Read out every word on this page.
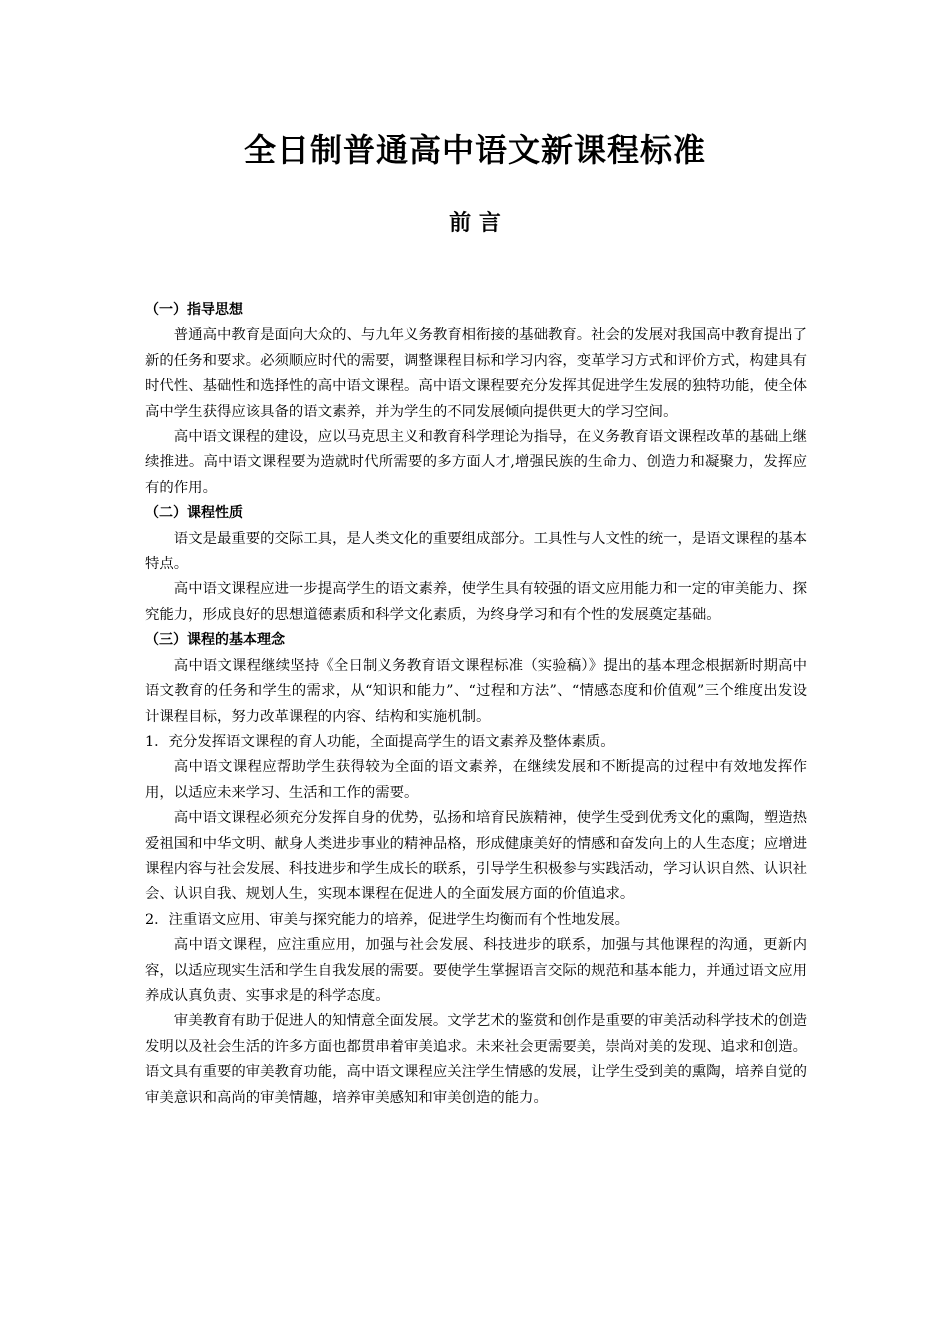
全日制普通高中语文新课程标准
前 言

（一）指导思想

普通高中教育是面向大众的、与九年义务教育相衔接的基础教育。社会的发展对我国高中教育提出了新的任务和要求。必须顺应时代的需要，调整课程目标和学习内容，变革学习方式和评价方式，构建具有时代性、基础性和选择性的高中语文课程。高中语文课程要充分发挥其促进学生发展的独特功能，使全体高中学生获得应该具备的语文素养，并为学生的不同发展倾向提供更大的学习空间。

高中语文课程的建设，应以马克思主义和教育科学理论为指导，在义务教育语文课程改革的基础上继续推进。高中语文课程要为造就时代所需要的多方面人才,增强民族的生命力、创造力和凝聚力，发挥应有的作用。

（二）课程性质

语文是最重要的交际工具，是人类文化的重要组成部分。工具性与人文性的统一，是语文课程的基本特点。

高中语文课程应进一步提高学生的语文素养，使学生具有较强的语文应用能力和一定的审美能力、探究能力，形成良好的思想道德素质和科学文化素质，为终身学习和有个性的发展奠定基础。

（三）课程的基本理念

高中语文课程继续坚持《全日制义务教育语文课程标准（实验稿）》提出的基本理念根据新时期高中语文教育的任务和学生的需求，从“知识和能力”、“过程和方法”、“情感态度和价值观”三个维度出发设计课程目标，努力改革课程的内容、结构和实施机制。

1．充分发挥语文课程的育人功能，全面提高学生的语文素养及整体素质。

高中语文课程应帮助学生获得较为全面的语文素养，在继续发展和不断提高的过程中有效地发挥作用，以适应未来学习、生活和工作的需要。

高中语文课程必须充分发挥自身的优势，弘扬和培育民族精神，使学生受到优秀文化的熏陶，塑造热爱祖国和中华文明、献身人类进步事业的精神品格，形成健康美好的情感和奋发向上的人生态度；应增进课程内容与社会发展、科技进步和学生成长的联系，引导学生积极参与实践活动，学习认识自然、认识社会、认识自我、规划人生，实现本课程在促进人的全面发展方面的价值追求。

2．注重语文应用、审美与探究能力的培养，促进学生均衡而有个性地发展。

高中语文课程，应注重应用，加强与社会发展、科技进步的联系，加强与其他课程的沟通，更新内容，以适应现实生活和学生自我发展的需要。要使学生掌握语言交际的规范和基本能力，并通过语文应用养成认真负责、实事求是的科学态度。

审美教育有助于促进人的知情意全面发展。文学艺术的鉴赏和创作是重要的审美活动科学技术的创造发明以及社会生活的许多方面也都贯串着审美追求。未来社会更需要美，崇尚对美的发现、追求和创造。语文具有重要的审美教育功能，高中语文课程应关注学生情感的发展，让学生受到美的熏陶，培养自觉的审美意识和高尚的审美情趣，培养审美感知和审美创造的能力。
